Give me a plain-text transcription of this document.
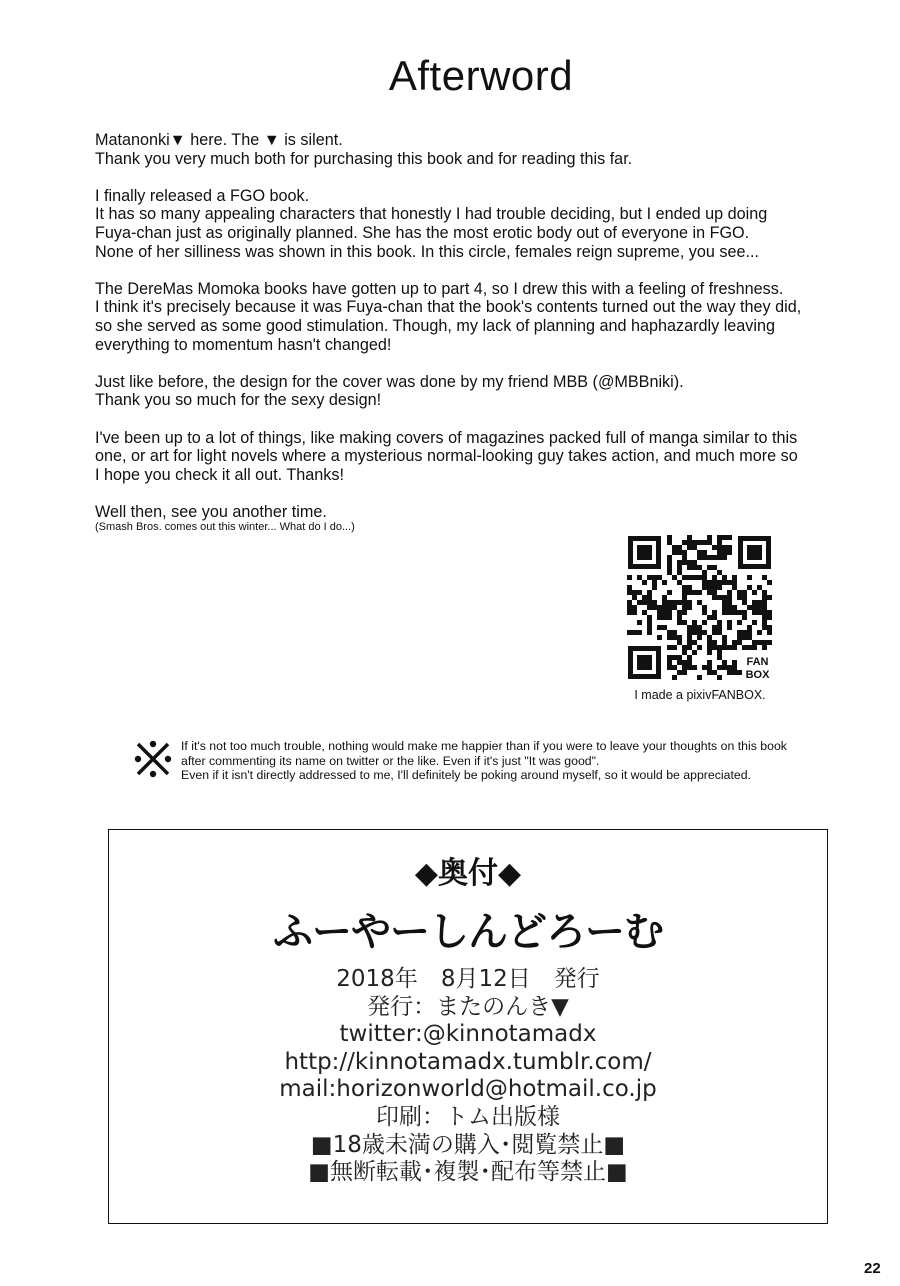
Afterword

Matanonki▼ here. The ▼ is silent.

Thank you very much both for purchasing this book and for reading this far.

I finally released a FGO book.

It has so many appealing characters that honestly I had trouble deciding, but I ended up doing

Fuya-chan just as originally planned. She has the most erotic body out of everyone in FGO.

None of her silliness was shown in this book. In this circle, females reign supreme, you see...

The DereMas Momoka books have gotten up to part 4, so I drew this with a feeling of freshness.

I think it's precisely because it was Fuya-chan that the book's contents turned out the way they did,

so she served as some good stimulation. Though, my lack of planning and haphazardly leaving

everything to momentum hasn't changed!

Just like before, the design for the cover was done by my friend MBB (@MBBniki).

Thank you so much for the sexy design!

I've been up to a lot of things, like making covers of magazines packed full of manga similar to this

one, or art for light novels where a mysterious normal-looking guy takes action, and much more so

I hope you check it all out. Thanks!

Well then, see you another time.

(Smash Bros. comes out this winter... What do I do...)

FAN
BOX
I made a pixivFANBOX.

If it's not too much trouble, nothing would make me happier than if you were to leave your thoughts on this book

after commenting its name on twitter or the like. Even if it's just "It was good".

Even if it isn't directly addressed to me, I'll definitely be poking around myself, so it would be appreciated.

◆奥付◆
ふーやーしんどろーむ

2018年　8月12日　発行

発行：またのんき▼

twitter:@kinnotamadx

http://kinnotamadx.tumblr.com/

mail:horizonworld@hotmail.co.jp

印刷：トム出版様

■18歳未満の購入･閲覧禁止■

■無断転載･複製･配布等禁止■

22
